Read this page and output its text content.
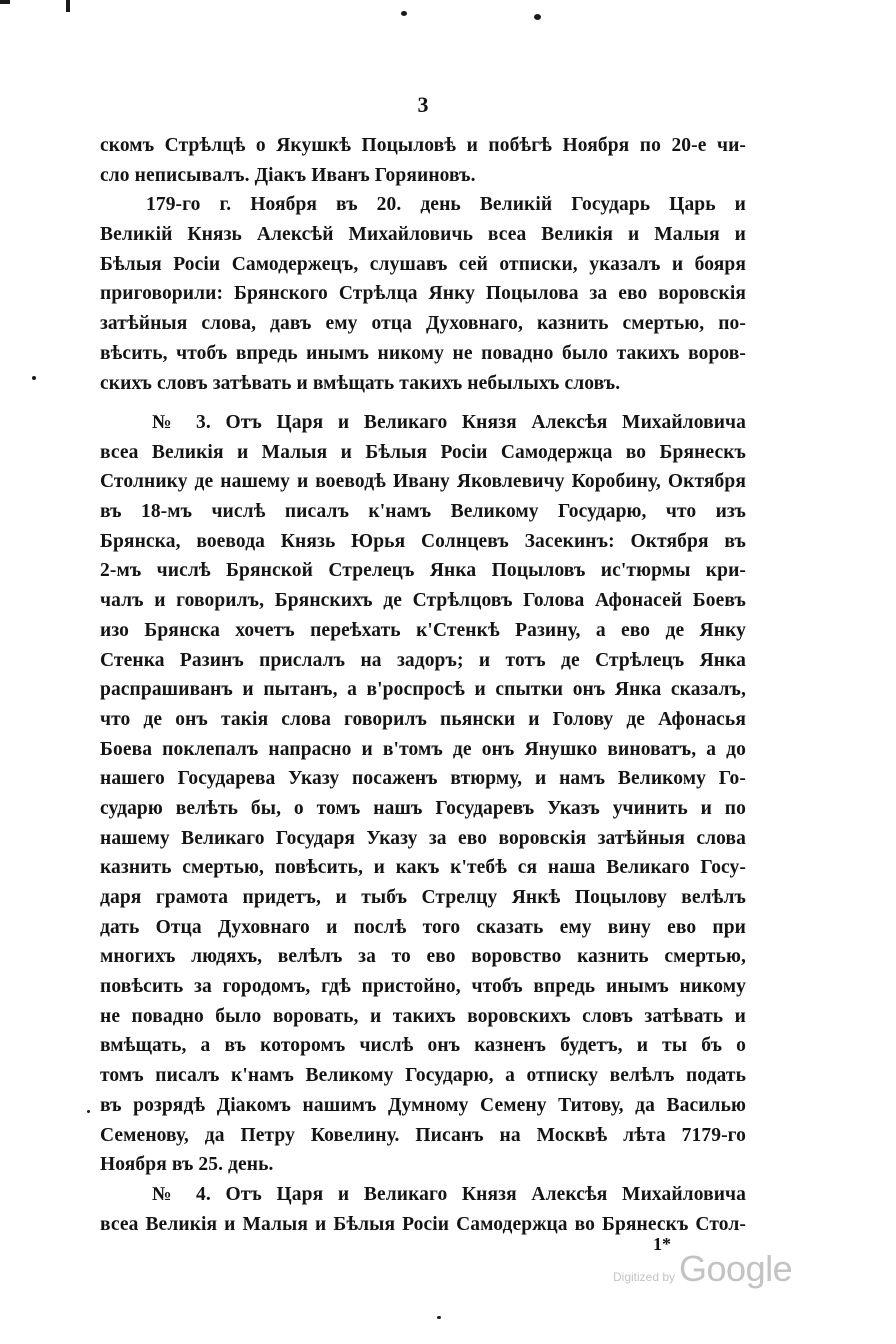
3
скомъ Стрѣлцѣ о Якушкѣ Поцыловѣ и побѣгѣ Ноября по 20-е чи-
сло неписывалъ. Дiакъ Иванъ Горяиновъ.
179-го г. Ноября въ 20. день Великiй Государь Царь и
Великiй Князь Алексѣй Михайловичь всеа Великiя и Малыя и
Бѣлыя Росiи Самодержецъ, слушавъ сей отписки, указалъ и бояря
приговорили: Брянского Стрѣлца Янку Поцылова за ево воровскiя
затѣйныя слова, давъ ему отца Духовнаго, казнить смертью, по-
вѣсить, чтобъ впредь инымъ никому не повадно было такихъ воров-
скихъ словъ затѣвать и вмѣщать такихъ небылыхъ словъ.
№ 3. Отъ Царя и Великаго Князя Алексѣя Михайловича
всеа Великiя и Малыя и Бѣлыя Росiи Самодержца во Брянескъ
Столнику де нашему и воеводѣ Ивану Яковлевичу Коробину, Октября
въ 18-мъ числѣ писалъ к'намъ Великому Государю, что изъ
Брянска, воевода Князь Юрья Солнцевъ Засекинъ: Октября въ
2-мъ числѣ Брянской Стрелецъ Янка Поцыловъ ис'тюрмы кри-
чалъ и говорилъ, Брянскихъ де Стрѣлцовъ Голова Афонасей Боевъ
изо Брянска хочетъ переѣхать к'Стенкѣ Разину, а ево де Янку
Стенка Разинъ прислалъ на задоръ; и тотъ де Стрѣлецъ Янка
распрашиванъ и пытанъ, а в'роспросѣ и спытки онъ Янка сказалъ,
что де онъ такiя слова говорилъ пьянски и Голову де Афонасья
Боева поклепалъ напрасно и в'томъ де онъ Янушко виноватъ, а до
нашего Государева Указу посаженъ втюрму, и намъ Великому Го-
сударю велѣть бы, о томъ нашъ Государевъ Указъ учинить и по
нашему Великаго Государя Указу за ево воровскiя затѣйныя слова
казнить смертью, повѣсить, и какъ к'тебѣ ся наша Великаго Госу-
даря грамота придетъ, и тыбъ Стрелцу Янкѣ Поцылову велѣлъ
дать Отца Духовнаго и послѣ того сказать ему вину ево при
многихъ людяхъ, велѣлъ за то ево воровство казнить смертью,
повѣсить за городомъ, гдѣ пристойно, чтобъ впредь инымъ никому
не повадно было воровать, и такихъ воровскихъ словъ затѣвать и
вмѣщать, а въ которомъ числѣ онъ казненъ будетъ, и ты бъ о
томъ писалъ к'намъ Великому Государю, а отписку велѣлъ подать
въ розрядѣ Дiакомъ нашимъ Думному Семену Титову, да Василью
Семенову, да Петру Ковелину. Писанъ на Москвѣ лѣта 7179-го
Ноября въ 25. день.
№ 4. Отъ Царя и Великаго Князя Алексѣя Михайловича
всеа Великiя и Малыя и Бѣлыя Росiи Самодержца во Брянескъ Стол-
1*
Digitized by Google
